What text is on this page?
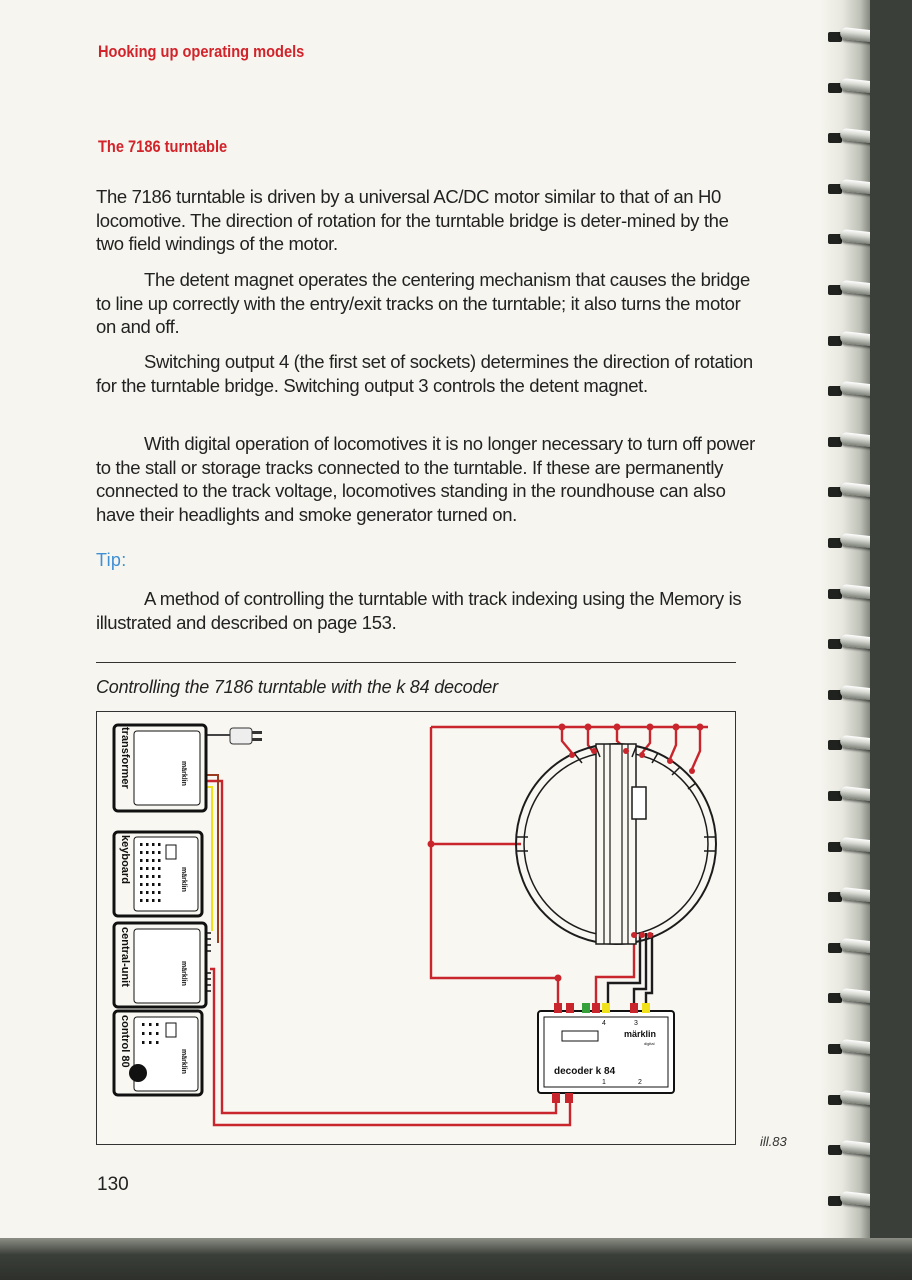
Hooking up operating models
The 7186 turntable

The 7186 turntable is driven by a universal AC/DC motor similar to that of an H0 locomotive. The direction of rotation for the turntable bridge is deter-mined by the two field windings of the motor.

The detent magnet operates the centering mechanism that causes the bridge to line up correctly with the entry/exit tracks on the turntable; it also turns the motor on and off.

Switching output 4 (the first set of sockets) determines the direction of rotation for the turntable bridge. Switching output 3 controls the detent magnet.

With digital operation of locomotives it is no longer necessary to turn off power to the stall or storage tracks connected to the turntable. If these are permanently connected to the track voltage, locomotives standing in the roundhouse can also have their headlights and smoke generator turned on.

Tip:

A method of controlling the turntable with track indexing using the Memory is illustrated and described on page 153.

Controlling the 7186 turntable with the k 84 decoder

transformer	märklin
keyboard	märklin
central-unit	märklin
control 80	märklin
4	3
1	2
märklin
digital
decoder k 84

ill.83

130
